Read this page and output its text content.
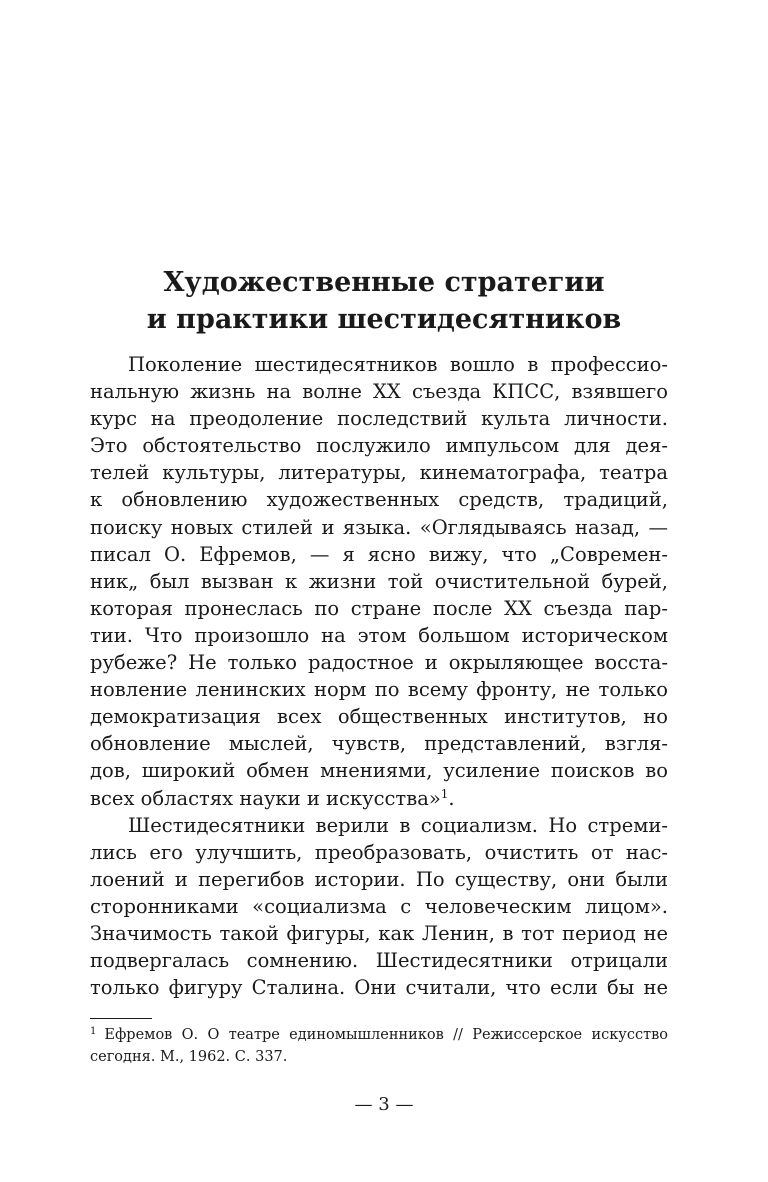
Художественные стратегии
и практики шестидесятников
Поколение шестидесятников вошло в профессио-
нальную жизнь на волне XX съезда КПСС, взявшего
курс на преодоление последствий культа личности.
Это обстоятельство послужило импульсом для дея-
телей культуры, литературы, кинематографа, театра
к обновлению художественных средств, традиций,
поиску новых стилей и языка. «Оглядываясь назад, —
писал О. Ефремов, — я ясно вижу, что „Современ-
ник„ был вызван к жизни той очистительной бурей,
которая пронеслась по стране после XX съезда пар-
тии. Что произошло на этом большом историческом
рубеже? Не только радостное и окрыляющее восста-
новление ленинских норм по всему фронту, не только
демократизация всех общественных институтов, но
обновление мыслей, чувств, представлений, взгля-
дов, широкий обмен мнениями, усиление поисков во
всех областях науки и искусства»$^1$.
Шестидесятники верили в социализм. Но стреми-
лись его улучшить, преобразовать, очистить от нас-
лоений и перегибов истории. По существу, они были
сторонниками «социализма с человеческим лицом».
Значимость такой фигуры, как Ленин, в тот период не
подвергалась сомнению. Шестидесятники отрицали
только фигуру Сталина. Они считали, что если бы не
$^1$ Ефремов О. О театре единомышленников // Режиссерское искусство
сегодня. М., 1962. С. 337.
— 3 —
